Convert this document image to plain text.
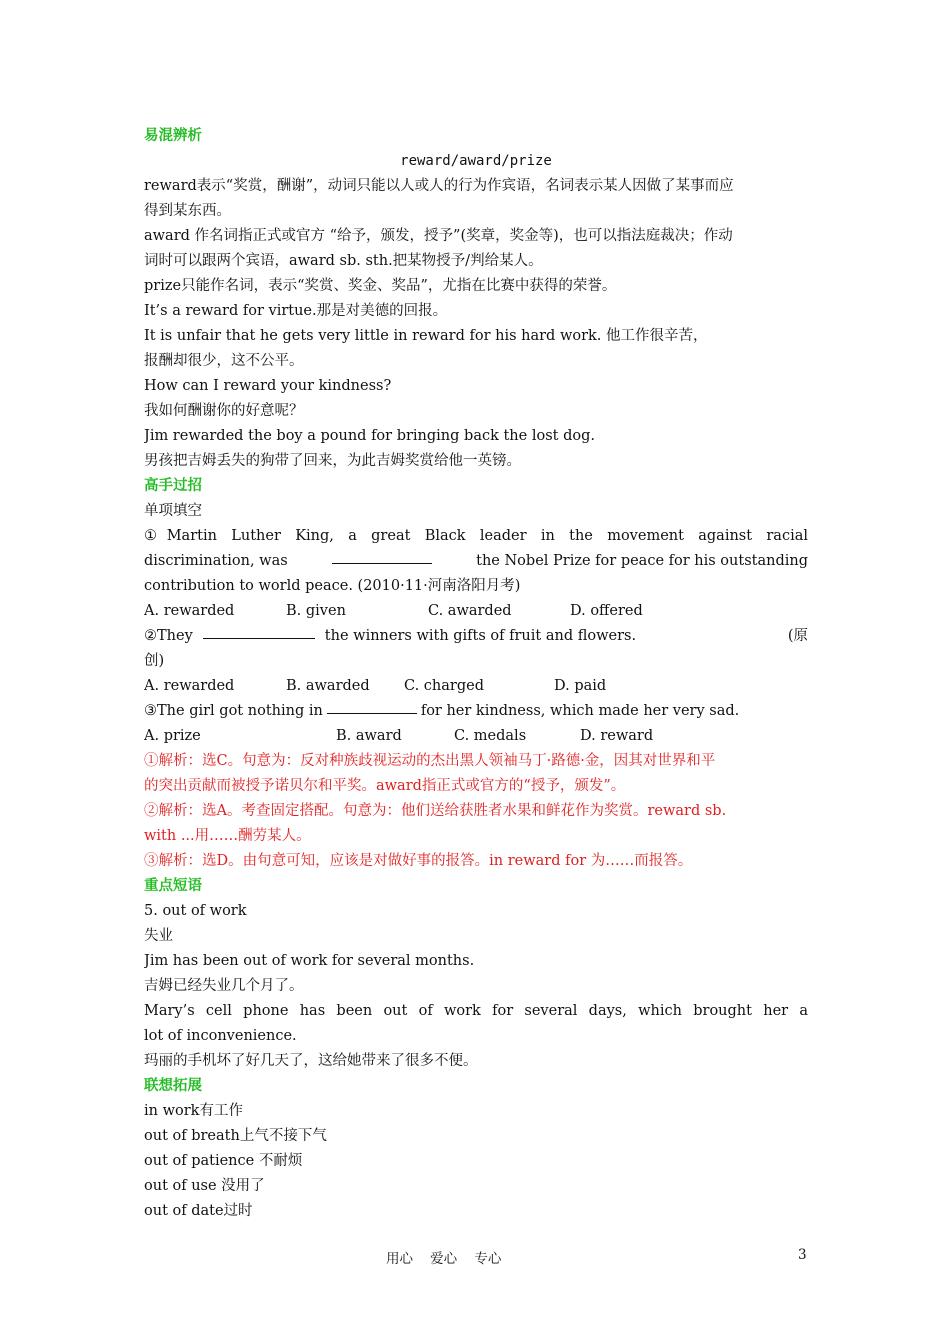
易混辨析
reward/award/prize
reward表示“奖赏，酬谢”，动词只能以人或人的行为作宾语，名词表示某人因做了某事而应
得到某东西。
award 作名词指正式或官方 “给予，颁发，授予”(奖章，奖金等)，也可以指法庭裁决；作动
词时可以跟两个宾语，award sb. sth.把某物授予/判给某人。
prize只能作名词，表示“奖赏、奖金、奖品”，尤指在比赛中获得的荣誉。
It’s a reward for virtue.那是对美德的回报。
It is unfair that he gets very little in reward for his hard work. 他工作很辛苦，
报酬却很少，这不公平。
How can I reward your kindness?
我如何酬谢你的好意呢？
Jim rewarded the boy a pound for bringing back the lost dog.
男孩把吉姆丢失的狗带了回来，为此吉姆奖赏给他一英镑。
高手过招
单项填空
①Martin Luther King, a great Black leader in the movement against racial
discrimination, was	the Nobel Prize for peace for his outstanding
contribution to world peace. (2010·11·河南洛阳月考)
A. rewarded	B. given	C. awarded	D. offered
②They	the winners with gifts of fruit and flowers.	(原
创)
A. rewarded	B. awarded	C. charged	D. paid
③The girl got nothing in	for her kindness, which made her very sad.
A. prize	B. award	C. medals	D. reward
①解析：选C。句意为：反对种族歧视运动的杰出黑人领袖马丁·路德·金，因其对世界和平
的突出贡献而被授予诺贝尔和平奖。award指正式或官方的“授予，颁发”。
②解析：选A。考查固定搭配。句意为：他们送给获胜者水果和鲜花作为奖赏。reward sb.
with ...用……酬劳某人。
③解析：选D。由句意可知，应该是对做好事的报答。in reward for 为……而报答。
重点短语
5. out of work
失业
Jim has been out of work for several months.
吉姆已经失业几个月了。
Mary’s cell phone has been out of work for several days, which brought her a
lot of inconvenience.
玛丽的手机坏了好几天了，这给她带来了很多不便。
联想拓展
in work有工作
out of breath上气不接下气
out of patience 不耐烦
out of use 没用了
out of date过时
用心    爱心    专心	3
